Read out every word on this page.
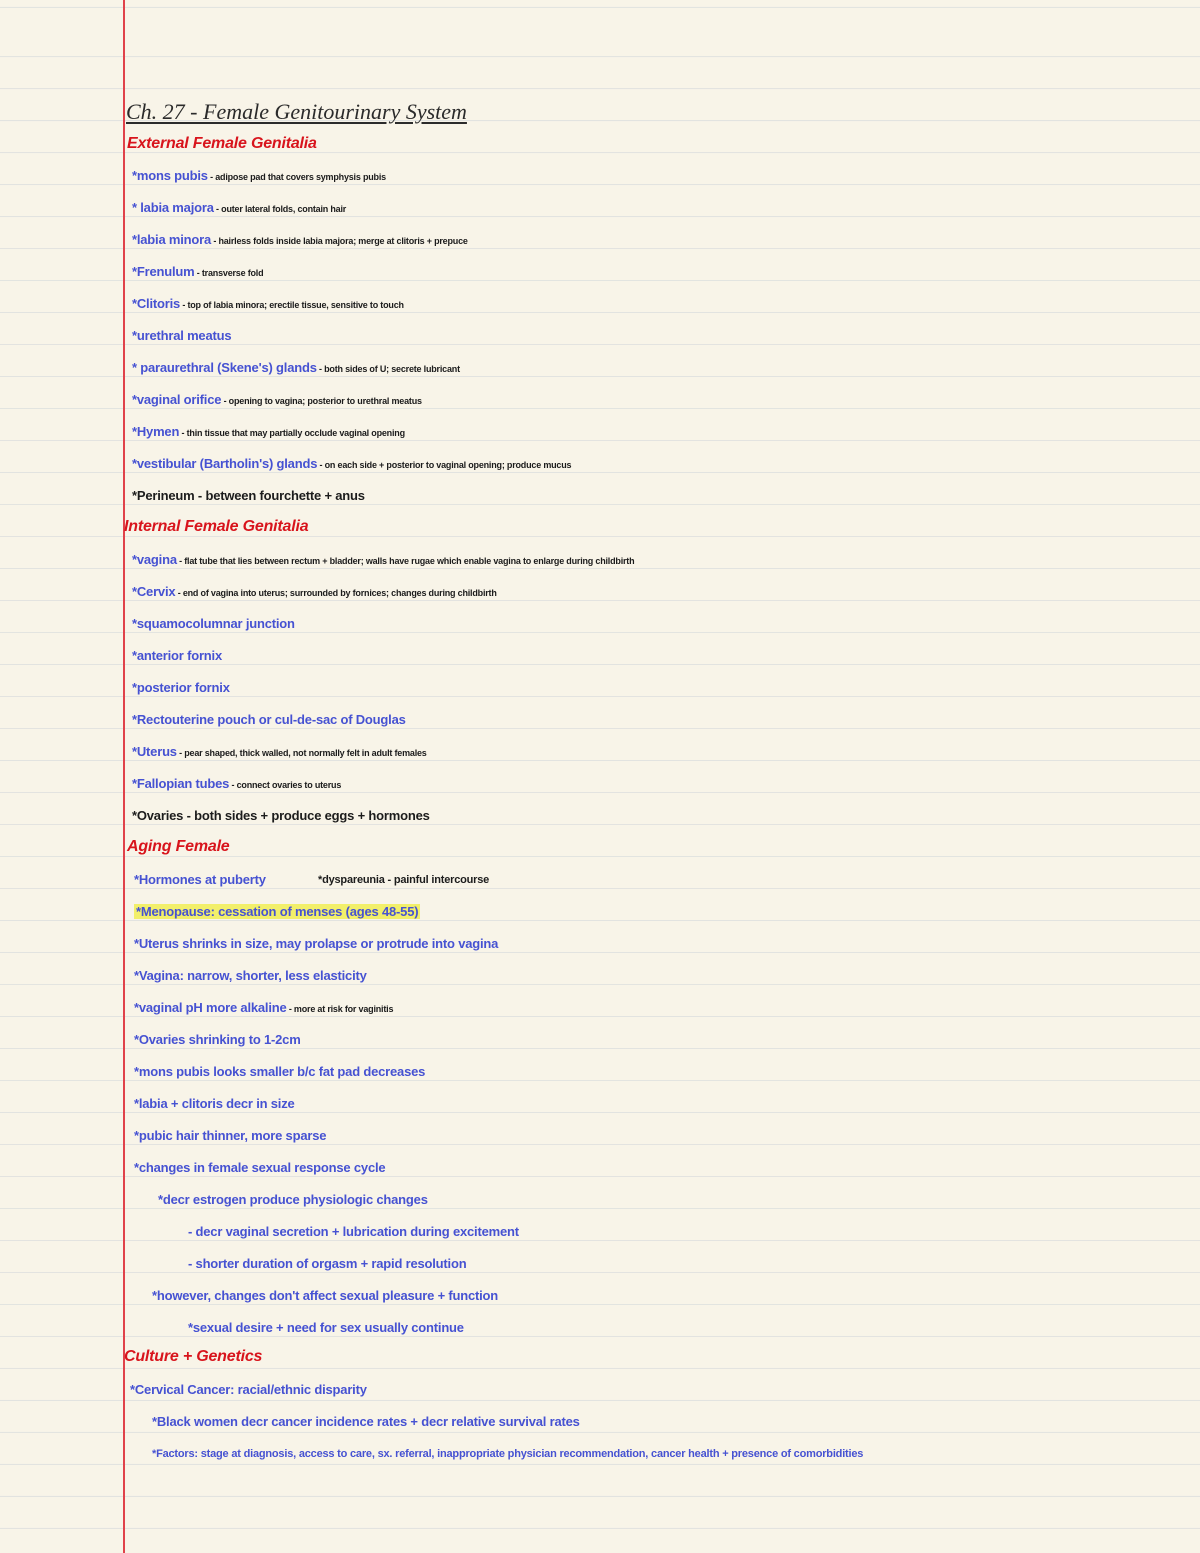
Ch. 27 - Female Genitourinary System
External Female Genitalia
*mons pubis - adipose pad that covers symphysis pubis
* labia majora - outer lateral folds, contain hair
*labia minora - hairless folds inside labia majora; merge at clitoris + prepuce
*Frenulum - transverse fold
*Clitoris - top of labia minora; erectile tissue, sensitive to touch
*urethral meatus
* paraurethral (Skene's) glands - both sides of U; secrete lubricant
*vaginal orifice - opening to vagina; posterior to urethral meatus
*Hymen - thin tissue that may partially occlude vaginal opening
*vestibular (Bartholin's) glands - on each side + posterior to vaginal opening; produce mucus
*Perineum - between fourchette + anus
Internal Female Genitalia
*vagina - flat tube that lies between rectum + bladder; walls have rugae which enable vagina to enlarge during childbirth
*Cervix - end of vagina into uterus; surrounded by fornices; changes during childbirth
*squamocolumnar junction
*anterior fornix
*posterior fornix
*Rectouterine pouch or cul-de-sac of Douglas
*Uterus - pear shaped, thick walled, not normally felt in adult females
*Fallopian tubes - connect ovaries to uterus
*Ovaries - both sides + produce eggs + hormones
Aging Female
*Hormones at puberty	*dyspareunia - painful intercourse
*Menopause: cessation of menses (ages 48-55)
*Uterus shrinks in size, may prolapse or protrude into vagina
*Vagina: narrow, shorter, less elasticity
*vaginal pH more alkaline - more at risk for vaginitis
*Ovaries shrinking to 1-2cm
*mons pubis looks smaller b/c fat pad decreases
*labia + clitoris decr in size
*pubic hair thinner, more sparse
*changes in female sexual response cycle
*decr estrogen produce physiologic changes
- decr vaginal secretion + lubrication during excitement
- shorter duration of orgasm + rapid resolution
*however, changes don't affect sexual pleasure + function
*sexual desire + need for sex usually continue
Culture + Genetics
*Cervical Cancer: racial/ethnic disparity
*Black women decr cancer incidence rates + decr relative survival rates
*Factors: stage at diagnosis, access to care, sx. referral, inappropriate physician recommendation, cancer health + presence of comorbidities
